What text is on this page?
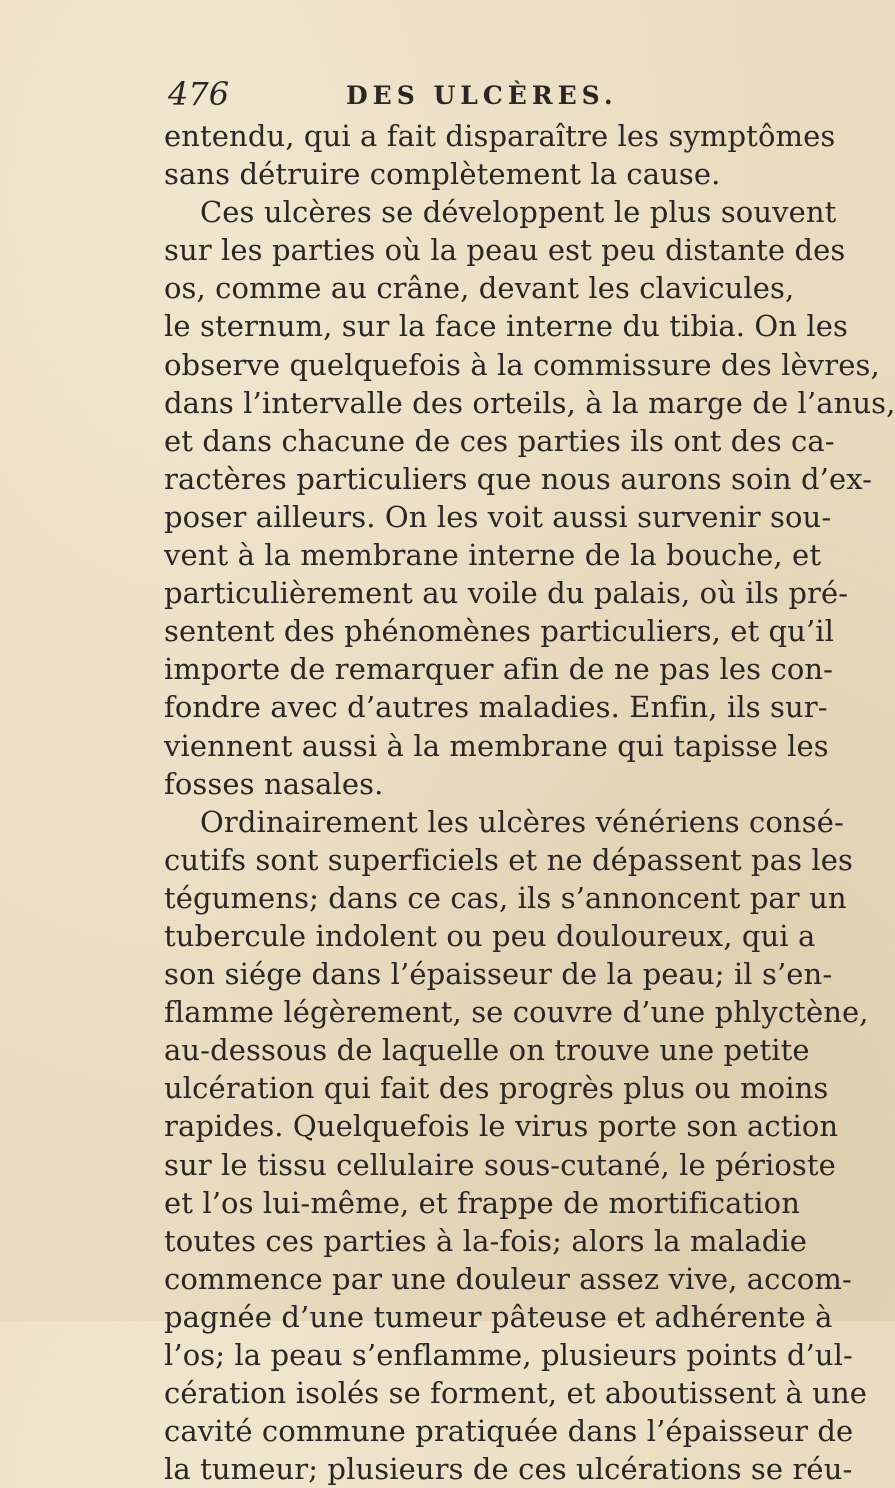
476	DES ULCÈRES.
entendu, qui a fait disparaître les symptômes
sans détruire complètement la cause.
Ces ulcères se développent le plus souvent
sur les parties où la peau est peu distante des
os, comme au crâne, devant les clavicules,
le sternum, sur la face interne du tibia. On les
observe quelquefois à la commissure des lèvres,
dans l’intervalle des orteils, à la marge de l’anus,
et dans chacune de ces parties ils ont des ca-
ractères particuliers que nous aurons soin d’ex-
poser ailleurs. On les voit aussi survenir sou-
vent à la membrane interne de la bouche, et
particulièrement au voile du palais, où ils pré-
sentent des phénomènes particuliers, et qu’il
importe de remarquer afin de ne pas les con-
fondre avec d’autres maladies. Enfin, ils sur-
viennent aussi à la membrane qui tapisse les
fosses nasales.
Ordinairement les ulcères vénériens consé-
cutifs sont superficiels et ne dépassent pas les
tégumens; dans ce cas, ils s’annoncent par un
tubercule indolent ou peu douloureux, qui a
son siége dans l’épaisseur de la peau; il s’en-
flamme légèrement, se couvre d’une phlyctène,
au-dessous de laquelle on trouve une petite
ulcération qui fait des progrès plus ou moins
rapides. Quelquefois le virus porte son action
sur le tissu cellulaire sous-cutané, le périoste
et l’os lui-même, et frappe de mortification
toutes ces parties à la-fois; alors la maladie
commence par une douleur assez vive, accom-
pagnée d’une tumeur pâteuse et adhérente à
l’os; la peau s’enflamme, plusieurs points d’ul-
cération isolés se forment, et aboutissent à une
cavité commune pratiquée dans l’épaisseur de
la tumeur; plusieurs de ces ulcérations se réu-
